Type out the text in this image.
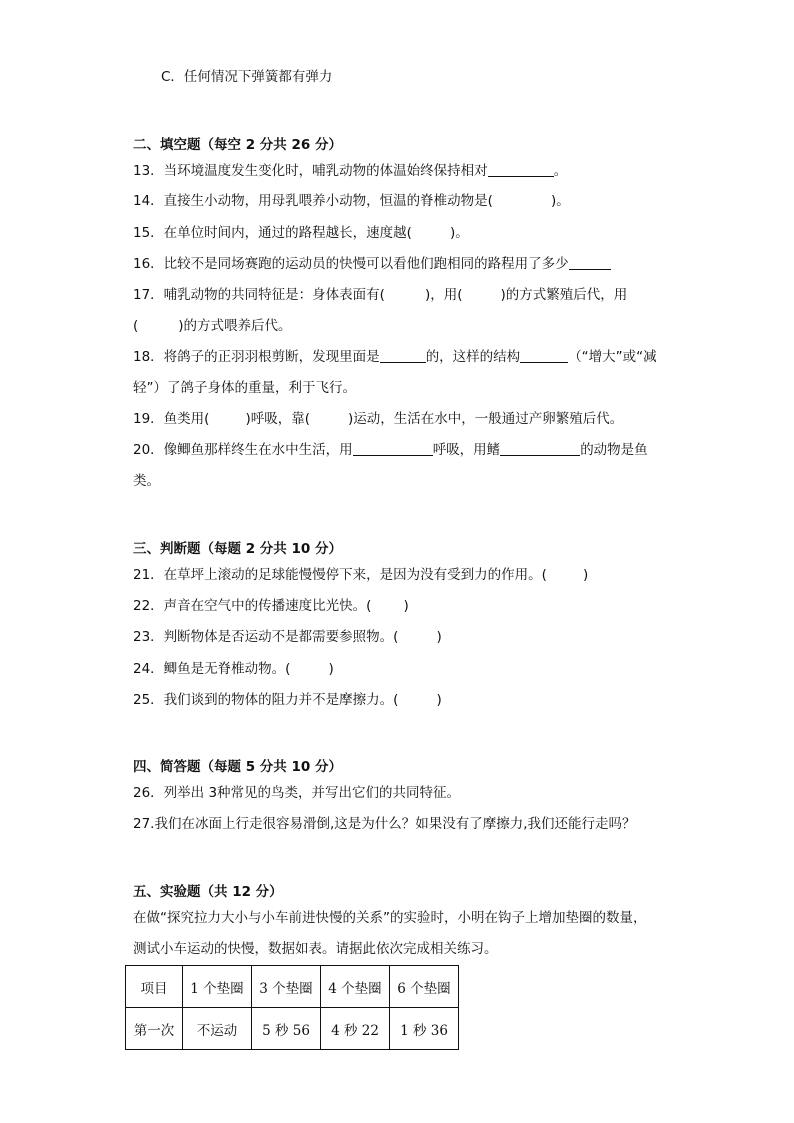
C．任何情况下弹簧都有弹力
二、填空题（每空 2 分共 26 分）
13．当环境温度发生变化时，哺乳动物的体温始终保持相对	。
14．直接生小动物，用母乳喂养小动物，恒温的脊椎动物是(	)。
15．在单位时间内，通过的路程越长，速度越(	)。
16．比较不是同场赛跑的运动员的快慢可以看他们跑相同的路程用了多少
17．哺乳动物的共同特征是：身体表面有(	)，用(	)的方式繁殖后代，用
(	)的方式喂养后代。
18．将鸽子的正羽羽根剪断，发现里面是	的，这样的结构	（“增大”或“减
轻”）了鸽子身体的重量，利于飞行。
19．鱼类用(	)呼吸，靠(	)运动，生活在水中，一般通过产卵繁殖后代。
20．像鲫鱼那样终生在水中生活，用	呼吸，用鳍	的动物是鱼
类。
三、判断题（每题 2 分共 10 分）
21．在草坪上滚动的足球能慢慢停下来，是因为没有受到力的作用。(	)
22．声音在空气中的传播速度比光快。( )
23．判断物体是否运动不是都需要参照物。(	)
24．鲫鱼是无脊椎动物。(	)
25．我们谈到的物体的阻力并不是摩擦力。(	)
四、简答题（每题 5 分共 10 分）
26．列举出 3种常见的鸟类，并写出它们的共同特征。
27.我们在冰面上行走很容易滑倒,这是为什么？如果没有了摩擦力,我们还能行走吗？
五、实验题（共 12 分）
在做“探究拉力大小与小车前进快慢的关系”的实验时，小明在钩子上增加垫圈的数量，
测试小车运动的快慢，数据如表。请据此依次完成相关练习。
项目	1 个垫圈	3 个垫圈	4 个垫圈	6 个垫圈
第一次	不运动	5 秒 56	4 秒 22	1 秒 36
